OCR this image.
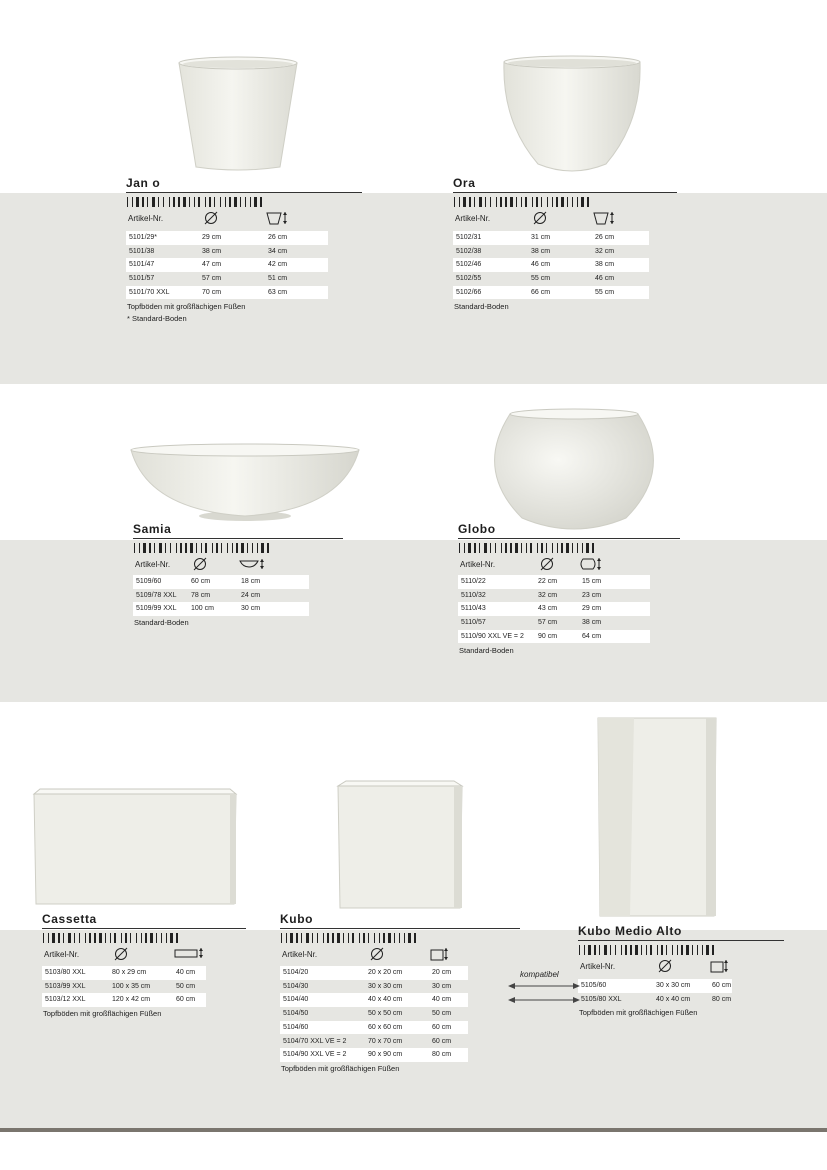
Jan o
Artikel-Nr.
5101/29*	29 cm	26 cm
5101/38	38 cm	34 cm
5101/47	47 cm	42 cm
5101/57	57 cm	51 cm
5101/70 XXL	70 cm	63 cm
Topfböden mit großflächigen Füßen
* Standard-Boden
Ora
Artikel-Nr.
5102/31	31 cm	26 cm
5102/38	38 cm	32 cm
5102/46	46 cm	38 cm
5102/55	55 cm	46 cm
5102/66	66 cm	55 cm
Standard-Boden
Samia
Artikel-Nr.
5109/60	60 cm	18 cm
5109/78 XXL 78 cm	24 cm
5109/99 XXL 100 cm	30 cm
Standard-Boden
Globo
Artikel-Nr.
5110/22	22 cm	15 cm
5110/32	32 cm	23 cm
5110/43	43 cm	29 cm
5110/57	57 cm	38 cm
5110/90 XXL VE = 2 90 cm	64 cm
Standard-Boden
Cassetta
Artikel-Nr.
5103/80 XXL	80 x 29 cm	40 cm
5103/99 XXL	100 x 35 cm	50 cm
5103/12 XXL	120 x 42 cm	60 cm
Topfböden mit großflächigen Füßen
Kubo
Artikel-Nr.
5104/20	20 x 20 cm	20 cm
5104/30	30 x 30 cm	30 cm
5104/40	40 x 40 cm	40 cm
5104/50	50 x 50 cm	50 cm
5104/60	60 x 60 cm	60 cm
5104/70 XXL VE = 2	70 x 70 cm	60 cm
5104/90 XXL VE = 2	90 x 90 cm	80 cm
Topfböden mit großflächigen Füßen
Kubo Medio Alto
Artikel-Nr.
5105/60	30 x 30 cm	60 cm
5105/80 XXL	40 x 40 cm	80 cm
Topfböden mit großflächigen Füßen
kompatibel
